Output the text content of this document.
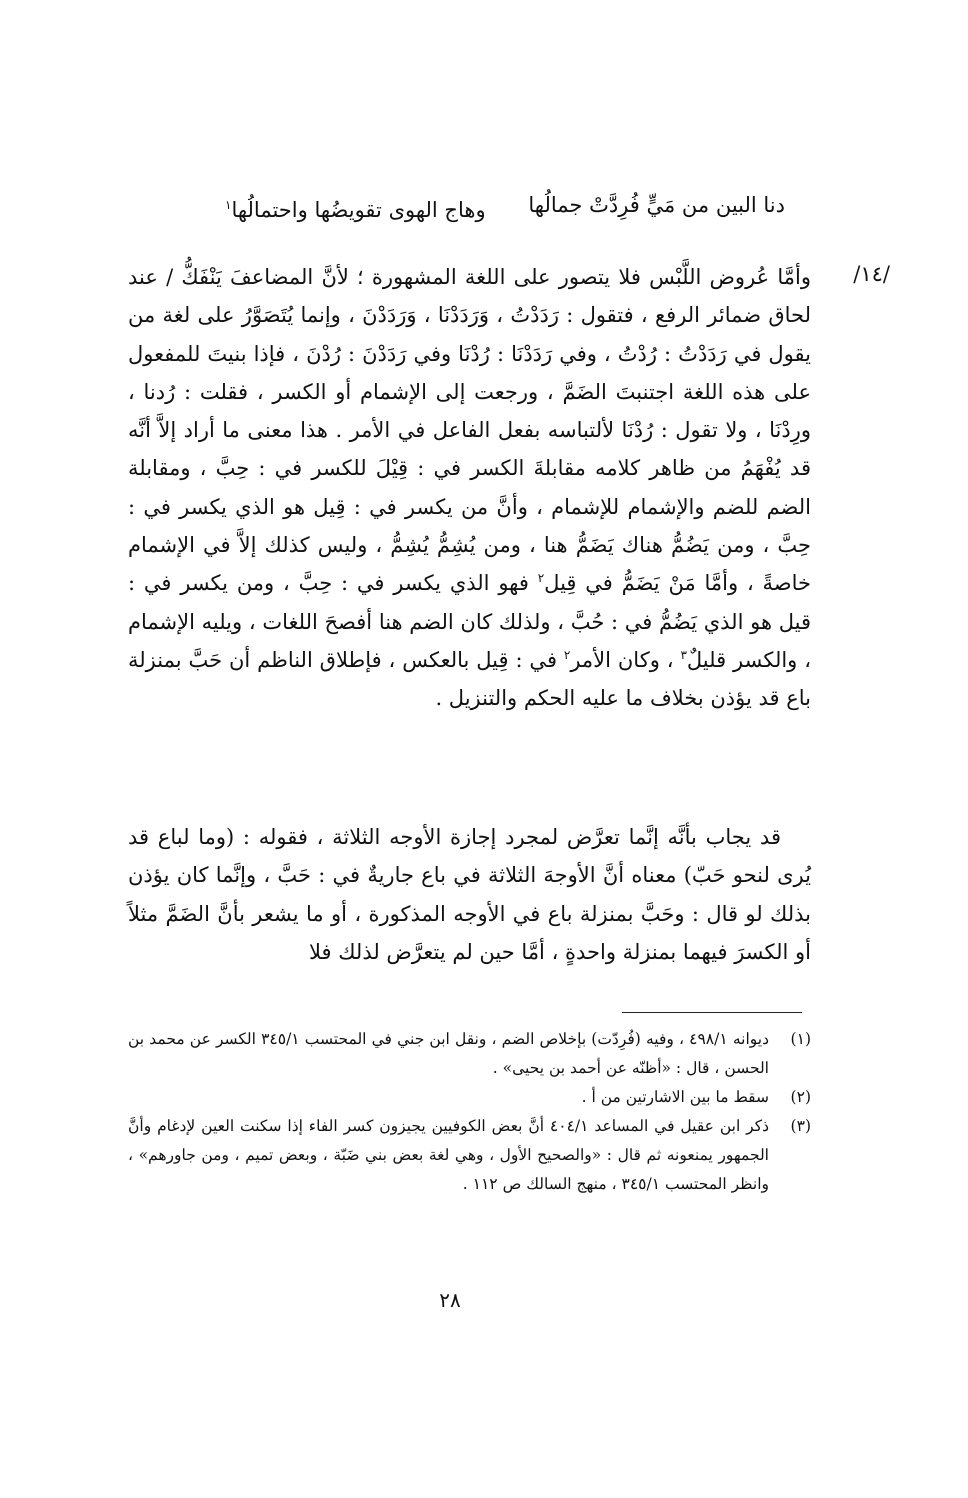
دنا البين من مَيٍّ فُرِدَّتْ جمالُها
وهاج الهوى تقويضُها واحتمالُها$^١$
/١٤/
وأمَّا عُروض اللَّبْس فلا يتصور على اللغة المشهورة ؛ لأنَّ المضاعفَ يَنْفَكُّ / عند لحاق ضمائر الرفع ، فتقول : رَدَدْتُ ، وَرَدَدْنَا ، وَرَدَدْنَ ، وإنما يُتَصَوَّرُ على لغة من يقول في رَدَدْتُ : رُدْتُ ، وفي رَدَدْنَا : رُدْنَا وفي رَدَدْنَ : رُدْنَ ، فإذا بنيتَ للمفعول على هذه اللغة اجتنبتَ الضَمَّ ، ورجعت إلى الإشمام أو الكسر ، فقلت : رُدنا ، ورِدْنَا ، ولا تقول : رُدْنَا لألتباسه بفعل الفاعل في الأمر . هذا معنى ما أراد إلاَّ أنَّه قد يُفْهَمُ من ظاهر كلامه مقابلةَ الكسر في : قِيْلَ للكسر في : حِبَّ ، ومقابلة الضم للضم والإشمام للإشمام ، وأنَّ من يكسر في : قِيل هو الذي يكسر في : حِبَّ ، ومن يَضُمُّ هناك يَضَمُّ هنا ، ومن يُشِمُّ يُشِمُّ ، وليس كذلك إلاَّ في الإشمام خاصةً ، وأمَّا مَنْ يَضَمُّ في قِيل$^٢$ فهو الذي يكسر في : حِبَّ ، ومن يكسر في : قيل هو الذي يَضُمُّ في : حُبَّ ، ولذلك كان الضم هنا أفصحَ اللغات ، ويليه الإشمام ، والكسر قليلٌ$^٣$ ، وكان الأمر$^٢$ في : قِيل بالعكس ، فإطلاق الناظم أن حَبَّ بمنزلة باع قد يؤذن بخلاف ما عليه الحكم والتنزيل .
قد يجاب بأنَّه إنَّما تعرَّض لمجرد إجازة الأوجه الثلاثة ، فقوله : (وما لباع قد يُرى لنحو حَبّ) معناه أنَّ الأوجهَ الثلاثة في باع جاريةٌ في : حَبَّ ، وإنَّما كان يؤذن بذلك لو قال : وحَبَّ بمنزلة باع في الأوجه المذكورة ، أو ما يشعر بأنَّ الضَمَّ مثلاً أو الكسرَ فيهما بمنزلة واحدةٍ ، أمَّا حين لم يتعرَّض لذلك فلا
(١)
ديوانه ٤٩٨/١ ، وفيه (فُرِدّت) بإخلاص الضم ، ونقل ابن جني في المحتسب ٣٤٥/١ الكسر عن محمد بن الحسن ، قال : «أظنّه عن أحمد بن يحيى» .
(٢)
سقط ما بين الاشارتين من أ .
(٣)
ذكر ابن عقيل في المساعد ٤٠٤/١ أنَّ بعض الكوفيين يجيزون كسر الفاء إذا سكنت العين لإدغام وأنَّ الجمهور يمنعونه ثم قال : «والصحيح الأول ، وهي لغة بعض بني ضَبّة ، وبعض تميم ، ومن جاورهم» ، وانظر المحتسب ٣٤٥/١ ، منهج السالك ص ١١٢ .
٢٨
